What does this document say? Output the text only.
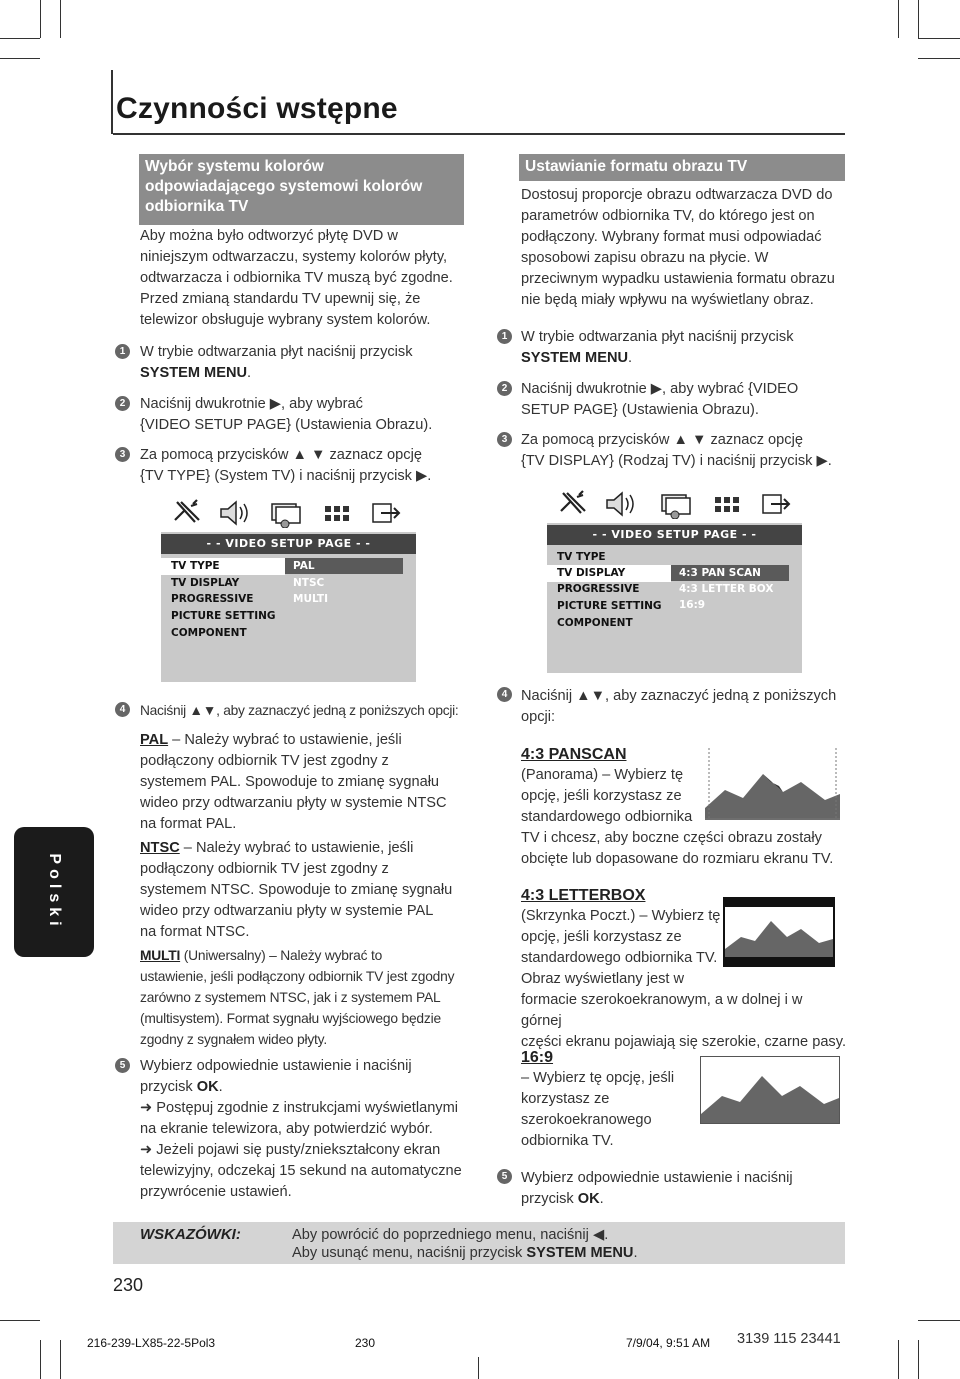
Czynności wstępne
Polski
Wybór systemu kolorów odpowiadającego systemowi kolorów odbiornika TV
Aby można było odtworzyć płytę DVD w
niniejszym odtwarzaczu, systemy kolorów płyty,
odtwarzacza i odbiornika TV muszą być zgodne.
Przed zmianą standardu TV upewnij się, że
telewizor obsługuje wybrany system kolorów.
1	W trybie odtwarzania płyt naciśnij przycisk
SYSTEM MENU.
2	Naciśnij dwukrotnie ▶, aby wybrać
{VIDEO SETUP PAGE} (Ustawienia Obrazu).
3	Za pomocą przycisków ▲ ▼ zaznacz opcję
{TV TYPE} (System TV) i naciśnij przycisk ▶.
- - VIDEO SETUP PAGE - -
TV TYPE
TV DISPLAY
PROGRESSIVE
PICTURE SETTING
COMPONENT
PAL
NTSC
MULTI
4	Naciśnij ▲▼, aby zaznaczyć jedną z poniższych opcji:
PAL – Należy wybrać to ustawienie, jeśli
podłączony odbiornik TV jest zgodny z
systemem PAL. Spowoduje to zmianę sygnału
wideo przy odtwarzaniu płyty w systemie NTSC
na format PAL.
NTSC – Należy wybrać to ustawienie, jeśli
podłączony odbiornik TV jest zgodny z
systemem NTSC. Spowoduje to zmianę sygnału
wideo przy odtwarzaniu płyty w systemie PAL
na format NTSC.
MULTI (Uniwersalny) – Należy wybrać to
ustawienie, jeśli podłączony odbiornik TV jest zgodny
zarówno z systemem NTSC, jak i z systemem PAL
(multisystem). Format sygnału wyjściowego będzie
zgodny z sygnałem wideo płyty.
5	Wybierz odpowiednie ustawienie i naciśnij
przycisk OK.
➜ Postępuj zgodnie z instrukcjami wyświetlanymi
na ekranie telewizora, aby potwierdzić wybór.
➜ Jeżeli pojawi się pusty/zniekształcony ekran
telewizyjny, odczekaj 15 sekund na automatyczne
przywrócenie ustawień.
Ustawianie formatu obrazu TV
Dostosuj proporcje obrazu odtwarzacza DVD do
parametrów odbiornika TV, do którego jest on
podłączony. Wybrany format musi odpowiadać
sposobowi zapisu obrazu na płycie. W
przeciwnym wypadku ustawienia formatu obrazu
nie będą miały wpływu na wyświetlany obraz.
1 W trybie odtwarzania płyt naciśnij przycisk
SYSTEM MENU.
2 Naciśnij dwukrotnie ▶, aby wybrać {VIDEO
SETUP PAGE} (Ustawienia Obrazu).
3 Za pomocą przycisków ▲ ▼ zaznacz opcję
{TV DISPLAY} (Rodzaj TV) i naciśnij przycisk ▶.
- - VIDEO SETUP PAGE - -
TV TYPE
TV DISPLAY
PROGRESSIVE
PICTURE SETTING
COMPONENT
4:3 PAN SCAN
4:3 LETTER BOX
16:9
4 Naciśnij ▲▼, aby zaznaczyć jedną z poniższych
opcji:
4:3 PANSCAN
(Panorama) – Wybierz tę
opcję, jeśli korzystasz ze
standardowego odbiornika
TV i chcesz, aby boczne części obrazu zostały
obcięte lub dopasowane do rozmiaru ekranu TV.
4:3 LETTERBOX
(Skrzynka Poczt.) – Wybierz tę
opcję, jeśli korzystasz ze
standardowego odbiornika TV.
Obraz wyświetlany jest w
formacie szerokoekranowym, a w dolnej i w górnej
części ekranu pojawiają się szerokie, czarne pasy.
16:9
– Wybierz tę opcję, jeśli
korzystasz ze
szerokoekranowego
odbiornika TV.
5 Wybierz odpowiednie ustawienie i naciśnij
przycisk OK.
WSKAZÓWKI:	Aby powrócić do poprzedniego menu, naciśnij ◀.
Aby usunąć menu, naciśnij przycisk SYSTEM MENU.
230
216-239-LX85-22-5Pol3	230	7/9/04, 9:51 AM 3139 115 23441
